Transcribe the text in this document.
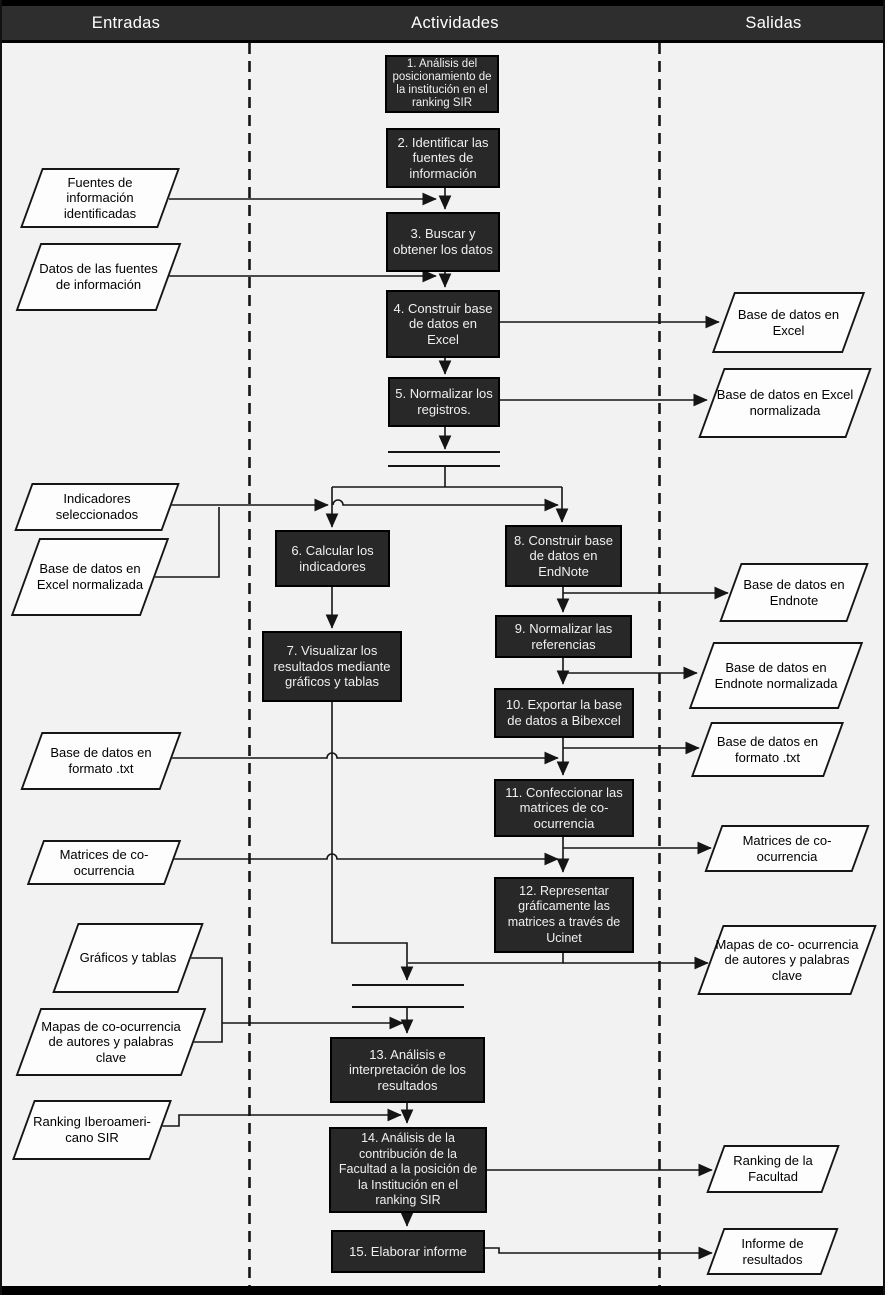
Entradas	Actividades	Salidas
1. Análisis del posicionamiento de la institución en el ranking SIR
2. Identificar las fuentes de información
3. Buscar y obtener los datos
4. Construir base de datos en Excel
5. Normalizar los registros.
6. Calcular los indicadores
7. Visualizar los resultados mediante gráficos y tablas
8. Construir base de datos en EndNote
9. Normalizar las referencias
10. Exportar la base de datos a Bibexcel
11. Confeccionar las matrices de co-ocurrencia
12. Representar gráficamente las matrices a través de Ucinet
13. Análisis e interpretación de los resultados
14. Análisis de la contribución de la Facultad a la posición de la Institución en el ranking SIR
15. Elaborar informe
Fuentes de información identificadas
Datos de las fuentes de información
Indicadores seleccionados
Base de datos en Excel normalizada
Base de datos en formato .txt
Matrices de co-ocurrencia
Gráficos y tablas
Mapas de co-ocurrencia de autores y palabras clave
Ranking Iberoameri- cano SIR
Base de datos en Excel
Base de datos en Excel normalizada
Base de datos en Endnote
Base de datos en Endnote normalizada
Base de datos en formato .txt
Matrices de co-ocurrencia
Mapas de co- ocurrencia de autores y palabras clave
Ranking de la Facultad
Informe de resultados
